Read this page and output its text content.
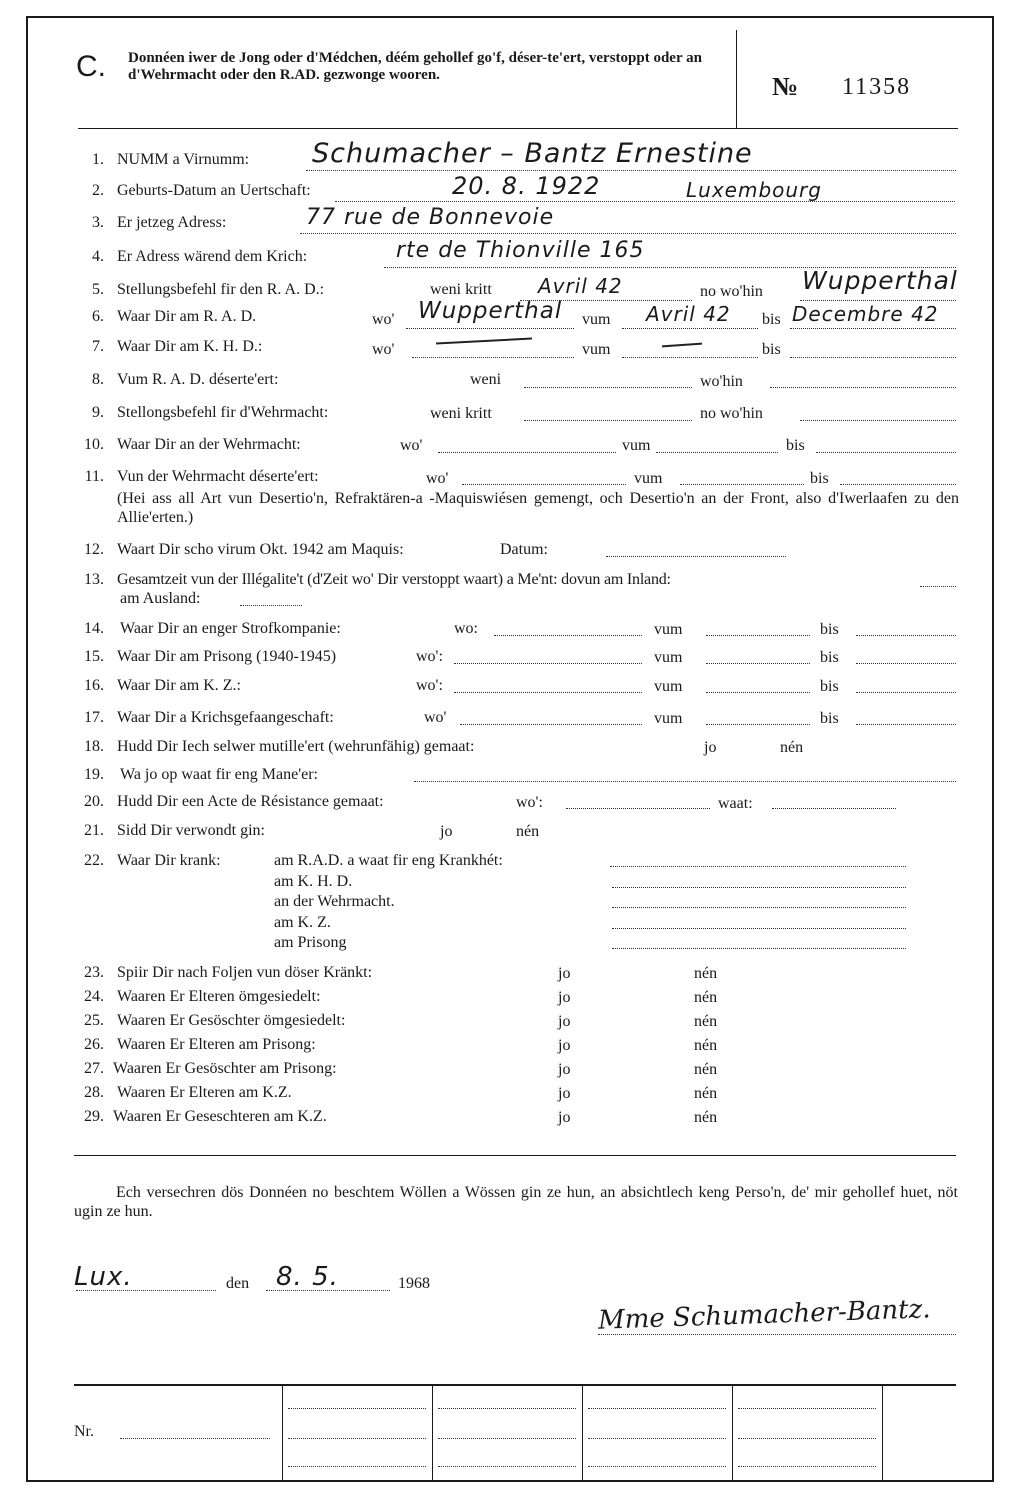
C. Donnéen iwer de Jong oder d'Médchen, déém gehollef go'f, déser-te'ert, verstoppt oder an d'Wehrmacht oder den R.AD. gezwonge wooren.	№ 11358
1. NUMM a Virnumm: Schumacher – Bantz Ernestine
2. Geburts-Datum an Uertschaft:	20. 8. 1922	Luxembourg
3. Er jetzeg Adress:	77 rue de Bonnevoie
4. Er Adress wärend dem Krich:	rte de Thionville 165
5. Stellungsbefehl fir den R. A. D.:	weni kritt Avril 42	no wo'hin Wupperthal
6. Waar Dir am R. A. D.	wo' Wupperthal vum Avril 42 bis Decembre 42
7. Waar Dir am K. H. D.:	wo'	vum	bis
8. Vum R. A. D. déserte'ert:	weni	wo'hin
9. Stellongsbefehl fir d'Wehrmacht:	weni kritt	no wo'hin
10. Waar Dir an der Wehrmacht:	wo'	vum	bis
11. Vun der Wehrmacht déserte'ert:	wo'	vum	bis
(Hei ass all Art vun Desertio'n, Refraktären-a -Maquiswiésen gemengt, och Desertio'n an der Front, also d'Iwerlaafen zu den Allie'erten.)
12. Waart Dir scho virum Okt. 1942 am Maquis:	Datum:
13. Gesamtzeit vun der Illégalite't (d'Zeit wo' Dir verstoppt waart) a Me'nt: dovun am Inland:
am Ausland:
14. Waar Dir an enger Strofkompanie:	wo:	vum	bis
15. Waar Dir am Prisong (1940-1945)	wo':	vum	bis
16. Waar Dir am K. Z.:	wo':	vum	bis
17. Waar Dir a Krichsgefaangeschaft:	wo'	vum	bis
18. Hudd Dir Iech selwer mutille'ert (wehrunfähig) gemaat:	jo	nén
19. Wa jo op waat fir eng Mane'er:
20. Hudd Dir een Acte de Résistance gemaat:	wo':	waat:
21. Sidd Dir verwondt gin:	jo	nén
22. Waar Dir krank:	am R.A.D. a waat fir eng Krankhét:
am K. H. D.
an der Wehrmacht.
am K. Z.
am Prisong
23. Spiir Dir nach Foljen vun döser Kränkt:	jo	nén
24. Waaren Er Elteren ömgesiedelt:	jo	nén
25. Waaren Er Gesöschter ömgesiedelt:	jo	nén
26. Waaren Er Elteren am Prisong:	jo	nén
27. Waaren Er Gesöschter am Prisong:	jo	nén
28. Waaren Er Elteren am K.Z.	jo	nén
29. Waaren Er Geseschteren am K.Z.	jo	nén
Ech versechren dös Donnéen no beschtem Wöllen a Wössen gin ze hun, an absichtlech keng Perso'n, de' mir gehollef huet, nöt ugin ze hun.
Lux.	den 8. 5.	1968
Mme Schumacher-Bantz.
Nr.
